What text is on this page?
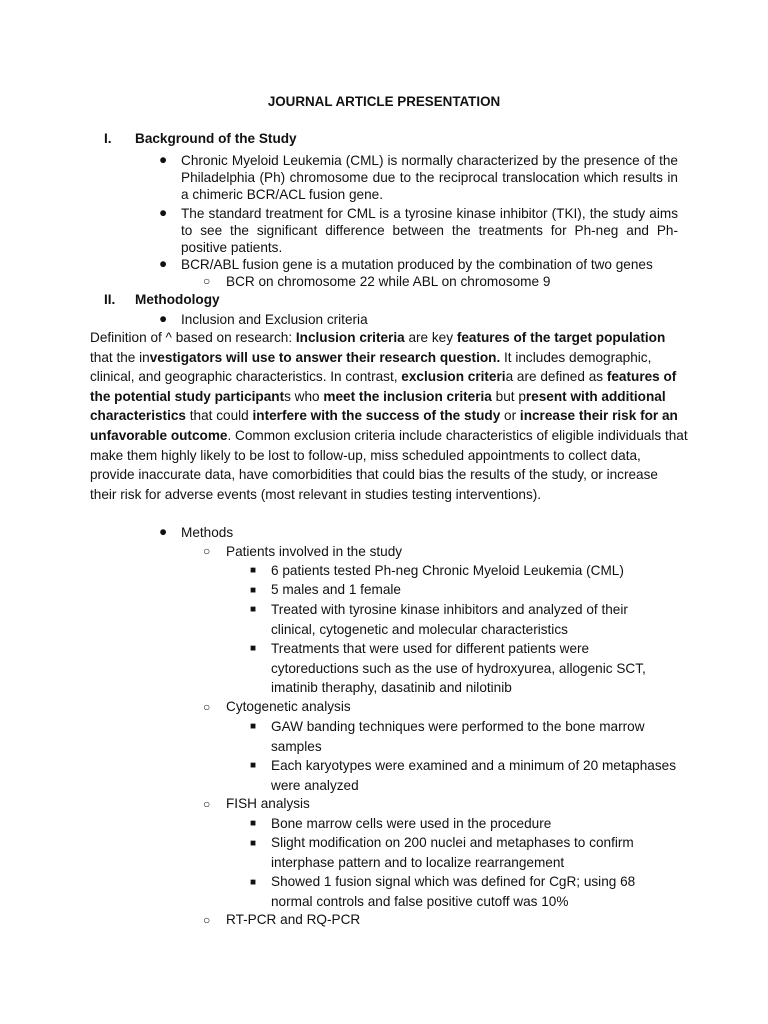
JOURNAL ARTICLE PRESENTATION
I. Background of the Study
●	Chronic Myeloid Leukemia (CML) is normally characterized by the presence of the Philadelphia (Ph) chromosome due to the reciprocal translocation which results in a chimeric BCR/ACL fusion gene.
●	The standard treatment for CML is a tyrosine kinase inhibitor (TKI), the study aims to see the significant difference between the treatments for Ph-neg and Ph-positive patients.
●	BCR/ABL fusion gene is a mutation produced by the combination of two genes
○	BCR on chromosome 22 while ABL on chromosome 9
II. Methodology
●	Inclusion and Exclusion criteria
Definition of ^ based on research: Inclusion criteria are key features of the target population that the investigators will use to answer their research question. It includes demographic, clinical, and geographic characteristics. In contrast, exclusion criteria are defined as features of the potential study participants who meet the inclusion criteria but present with additional characteristics that could interfere with the success of the study or increase their risk for an unfavorable outcome. Common exclusion criteria include characteristics of eligible individuals that make them highly likely to be lost to follow-up, miss scheduled appointments to collect data, provide inaccurate data, have comorbidities that could bias the results of the study, or increase their risk for adverse events (most relevant in studies testing interventions).
●	Methods
○	Patients involved in the study
■	6 patients tested Ph-neg Chronic Myeloid Leukemia (CML)
■	5 males and 1 female
■	Treated with tyrosine kinase inhibitors and analyzed of their clinical, cytogenetic and molecular characteristics
■	Treatments that were used for different patients were cytoreductions such as the use of hydroxyurea, allogenic SCT, imatinib theraphy, dasatinib and nilotinib
○	Cytogenetic analysis
■	GAW banding techniques were performed to the bone marrow samples
■	Each karyotypes were examined and a minimum of 20 metaphases were analyzed
○	FISH analysis
■	Bone marrow cells were used in the procedure
■	Slight modification on 200 nuclei and metaphases to confirm interphase pattern and to localize rearrangement
■	Showed 1 fusion signal which was defined for CgR; using 68 normal controls and false positive cutoff was 10%
○	RT-PCR and RQ-PCR
